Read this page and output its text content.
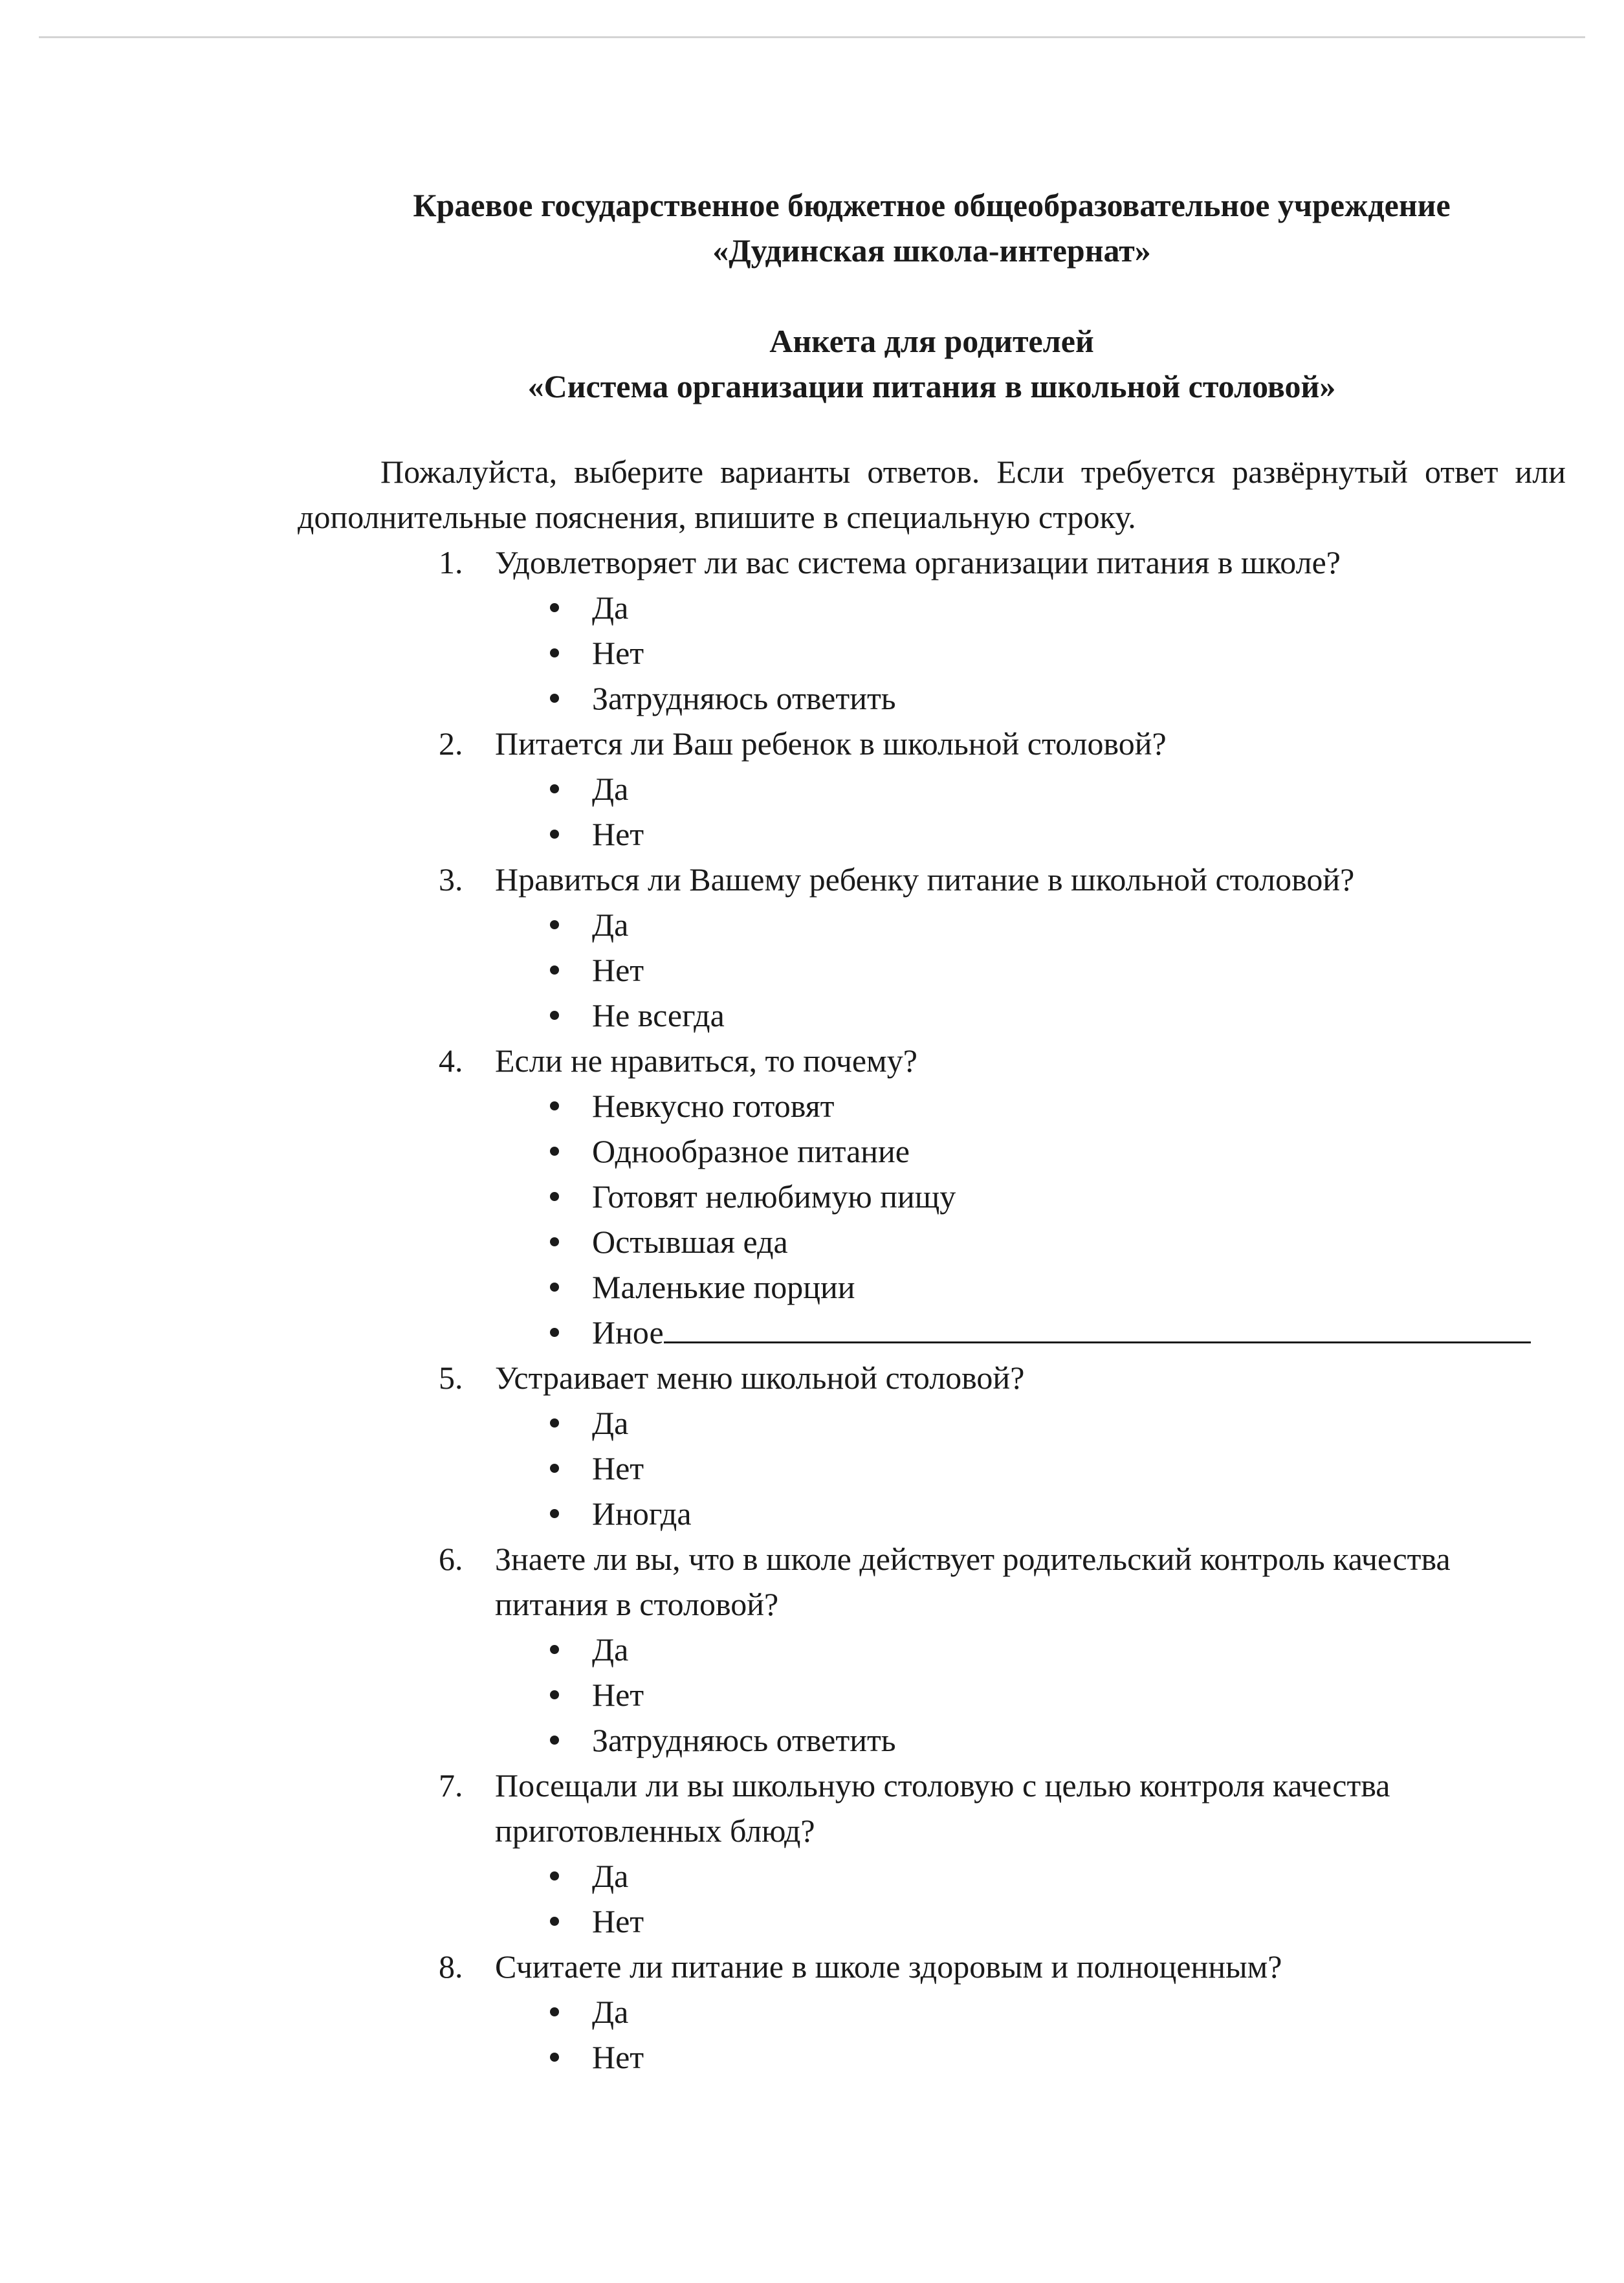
Краевое государственное бюджетное общеобразовательное учреждение
«Дудинская школа-интернат»
Анкета для родителей
«Система организации питания в школьной столовой»

Пожалуйста, выберите варианты ответов. Если требуется развёрнутый ответ или дополнительные пояснения, впишите в специальную строку.

1. Удовлетворяет ли вас система организации питания в школе?
Да
Нет
Затрудняюсь ответить
2. Питается ли Ваш ребенок в школьной столовой?
Да
Нет
3. Нравиться ли Вашему ребенку питание в школьной столовой?
Да
Нет
Не всегда
4. Если не нравиться, то почему?
Невкусно готовят
Однообразное питание
Готовят нелюбимую пищу
Остывшая еда
Маленькие порции
Иное
5. Устраивает меню школьной столовой?
Да
Нет
Иногда
6. Знаете ли вы, что в школе действует родительский контроль качества питания в столовой?
Да
Нет
Затрудняюсь ответить
7. Посещали ли вы школьную столовую с целью контроля качества приготовленных блюд?
Да
Нет
8. Считаете ли питание в школе здоровым и полноценным?
Да
Нет
